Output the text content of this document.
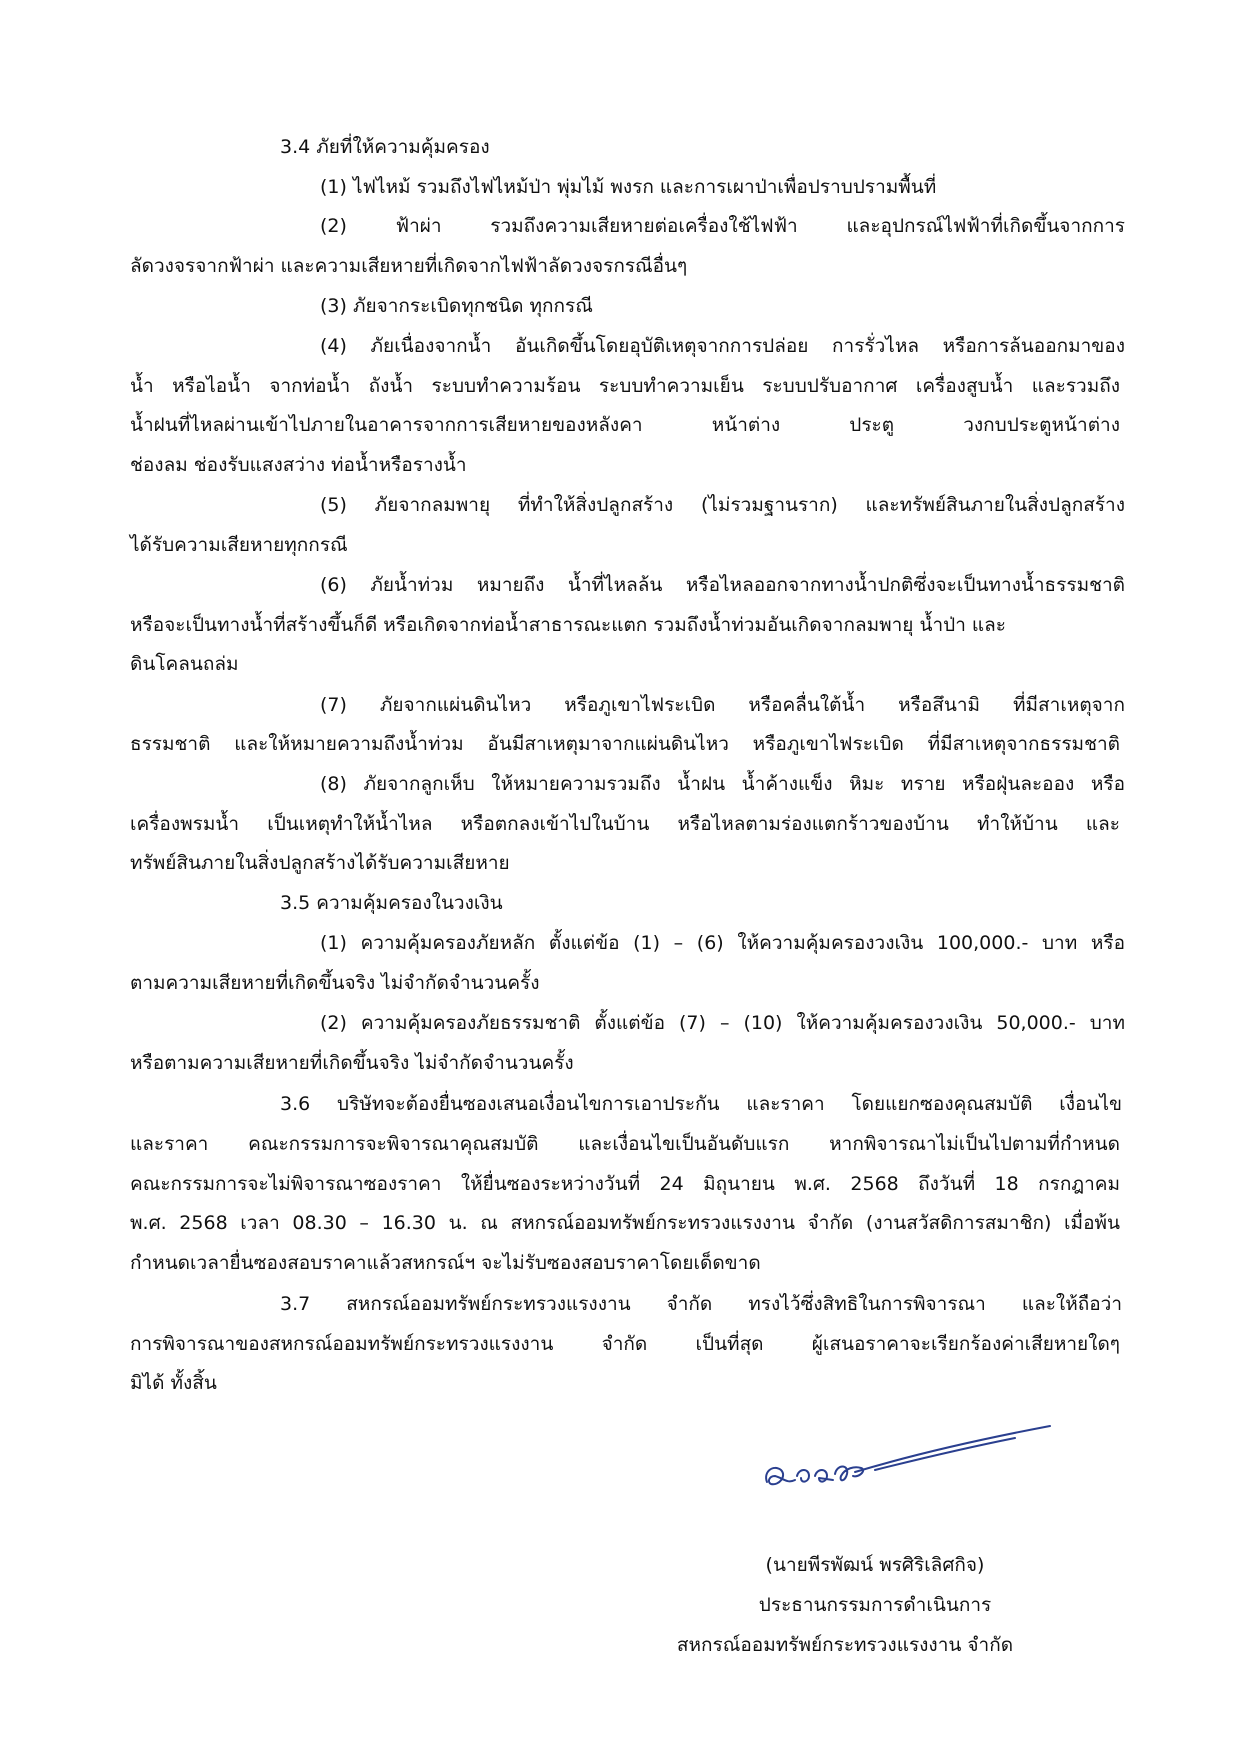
3.4 ภัยที่ให้ความคุ้มครอง
(1) ไฟไหม้ รวมถึงไฟไหม้ป่า พุ่มไม้ พงรก และการเผาป่าเพื่อปราบปรามพื้นที่
(2) ฟ้าผ่า รวมถึงความเสียหายต่อเครื่องใช้ไฟฟ้า และอุปกรณ์ไฟฟ้าที่เกิดขึ้นจากการ
ลัดวงจรจากฟ้าผ่า และความเสียหายที่เกิดจากไฟฟ้าลัดวงจรกรณีอื่นๆ
(3) ภัยจากระเบิดทุกชนิด ทุกกรณี
(4) ภัยเนื่องจากน้ำ อันเกิดขึ้นโดยอุบัติเหตุจากการปล่อย การรั่วไหล หรือการล้นออกมาของ
น้ำ หรือไอน้ำ จากท่อน้ำ ถังน้ำ ระบบทำความร้อน ระบบทำความเย็น ระบบปรับอากาศ เครื่องสูบน้ำ และรวมถึง
น้ำฝนที่ไหลผ่านเข้าไปภายในอาคารจากการเสียหายของหลังคา หน้าต่าง ประตู วงกบประตูหน้าต่าง
ช่องลม ช่องรับแสงสว่าง ท่อน้ำหรือรางน้ำ
(5) ภัยจากลมพายุ ที่ทำให้สิ่งปลูกสร้าง (ไม่รวมฐานราก) และทรัพย์สินภายในสิ่งปลูกสร้าง
ได้รับความเสียหายทุกกรณี
(6) ภัยน้ำท่วม หมายถึง น้ำที่ไหลล้น หรือไหลออกจากทางน้ำปกติซึ่งจะเป็นทางน้ำธรรมชาติ
หรือจะเป็นทางน้ำที่สร้างขึ้นก็ดี หรือเกิดจากท่อน้ำสาธารณะแตก รวมถึงน้ำท่วมอันเกิดจากลมพายุ น้ำป่า และ
ดินโคลนถล่ม
(7) ภัยจากแผ่นดินไหว หรือภูเขาไฟระเบิด หรือคลื่นใต้น้ำ หรือสึนามิ ที่มีสาเหตุจาก
ธรรมชาติ และให้หมายความถึงน้ำท่วม อันมีสาเหตุมาจากแผ่นดินไหว หรือภูเขาไฟระเบิด ที่มีสาเหตุจากธรรมชาติ
(8) ภัยจากลูกเห็บ ให้หมายความรวมถึง น้ำฝน น้ำค้างแข็ง หิมะ ทราย หรือฝุ่นละออง หรือ
เครื่องพรมน้ำ เป็นเหตุทำให้น้ำไหล หรือตกลงเข้าไปในบ้าน หรือไหลตามร่องแตกร้าวของบ้าน ทำให้บ้าน และ
ทรัพย์สินภายในสิ่งปลูกสร้างได้รับความเสียหาย
3.5 ความคุ้มครองในวงเงิน
(1) ความคุ้มครองภัยหลัก ตั้งแต่ข้อ (1) – (6) ให้ความคุ้มครองวงเงิน 100,000.- บาท หรือ
ตามความเสียหายที่เกิดขึ้นจริง ไม่จำกัดจำนวนครั้ง
(2) ความคุ้มครองภัยธรรมชาติ ตั้งแต่ข้อ (7) – (10) ให้ความคุ้มครองวงเงิน 50,000.- บาท
หรือตามความเสียหายที่เกิดขึ้นจริง ไม่จำกัดจำนวนครั้ง
3.6 บริษัทจะต้องยื่นซองเสนอเงื่อนไขการเอาประกัน และราคา โดยแยกซองคุณสมบัติ เงื่อนไข
และราคา คณะกรรมการจะพิจารณาคุณสมบัติ และเงื่อนไขเป็นอันดับแรก หากพิจารณาไม่เป็นไปตามที่กำหนด
คณะกรรมการจะไม่พิจารณาซองราคา ให้ยื่นซองระหว่างวันที่ 24 มิถุนายน พ.ศ. 2568 ถึงวันที่ 18 กรกฎาคม
พ.ศ. 2568 เวลา 08.30 – 16.30 น. ณ สหกรณ์ออมทรัพย์กระทรวงแรงงาน จำกัด (งานสวัสดิการสมาชิก) เมื่อพ้น
กำหนดเวลายื่นซองสอบราคาแล้วสหกรณ์ฯ จะไม่รับซองสอบราคาโดยเด็ดขาด
3.7 สหกรณ์ออมทรัพย์กระทรวงแรงงาน จำกัด ทรงไว้ซึ่งสิทธิในการพิจารณา และให้ถือว่า
การพิจารณาของสหกรณ์ออมทรัพย์กระทรวงแรงงาน จำกัด เป็นที่สุด ผู้เสนอราคาจะเรียกร้องค่าเสียหายใดๆ
มิได้ ทั้งสิ้น
(นายพีรพัฒน์ พรศิริเลิศกิจ)
ประธานกรรมการดำเนินการ
สหกรณ์ออมทรัพย์กระทรวงแรงงาน จำกัด
